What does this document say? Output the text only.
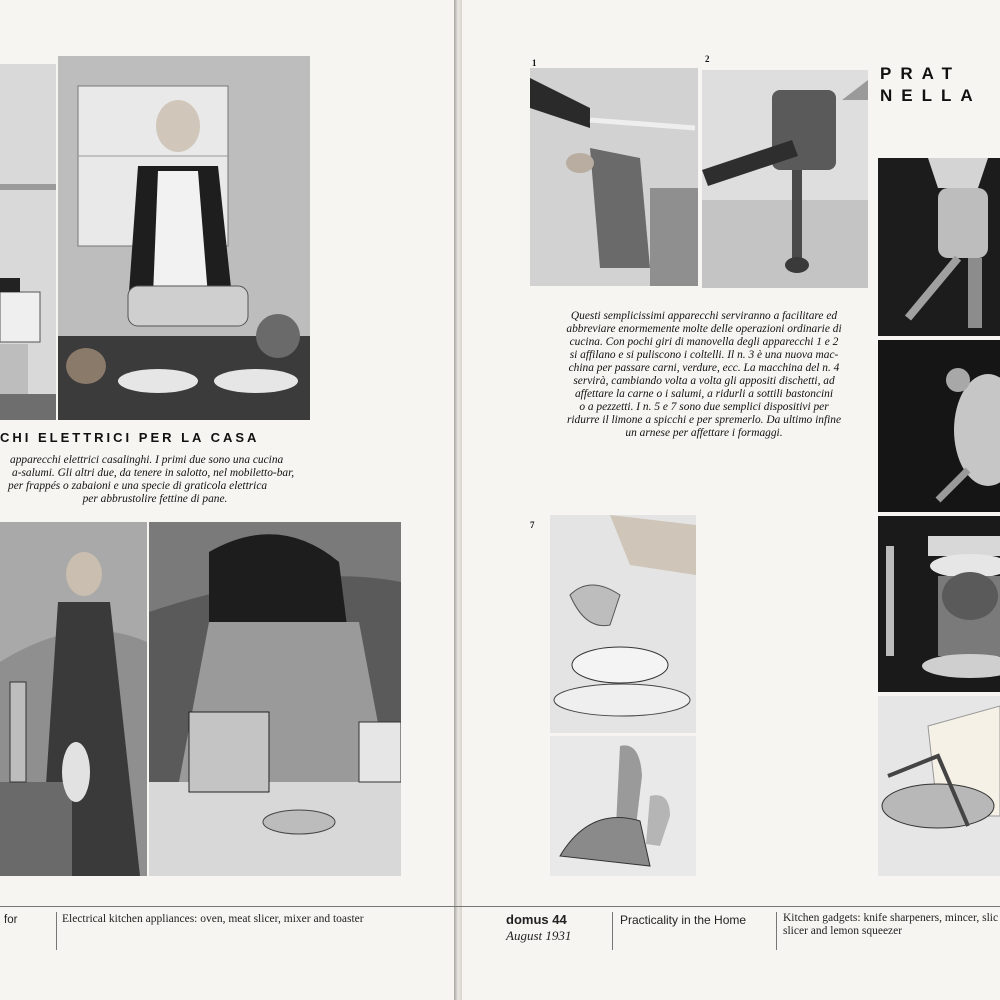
CHI ELETTRICI PER LA CASA
apparecchi elettrici casalinghi. I primi due sono una cucina
a-salumi. Gli altri due, da tenere in salotto, nel mobiletto-bar,
per frappés o zabaioni e una specie di graticola elettrica
per abbrustolire fettine di pane.
for	Electrical kitchen appliances: oven, meat slicer, mixer and toaster
1	2
PRAT
NELLA
Questi semplicissimi apparecchi serviranno a facilitare ed
abbreviare enormemente molte delle operazioni ordinarie di
cucina. Con pochi giri di manovella degli apparecchi 1 e 2
si affilano e si puliscono i coltelli. Il n. 3 è una nuova mac-
china per passare carni, verdure, ecc. La macchina del n. 4
servirà, cambiando volta a volta gli appositi dischetti, ad
affettare la carne o i salumi, a ridurli a sottili bastoncini
o a pezzetti. I n. 5 e 7 sono due semplici dispositivi per
ridurre il limone a spicchi e per spremerlo. Da ultimo infine
un arnese per affettare i formaggi.
7
domus 44
August 1931
Practicality in the Home	Kitchen gadgets: knife sharpeners, mincer, slic
slicer and lemon squeezer
